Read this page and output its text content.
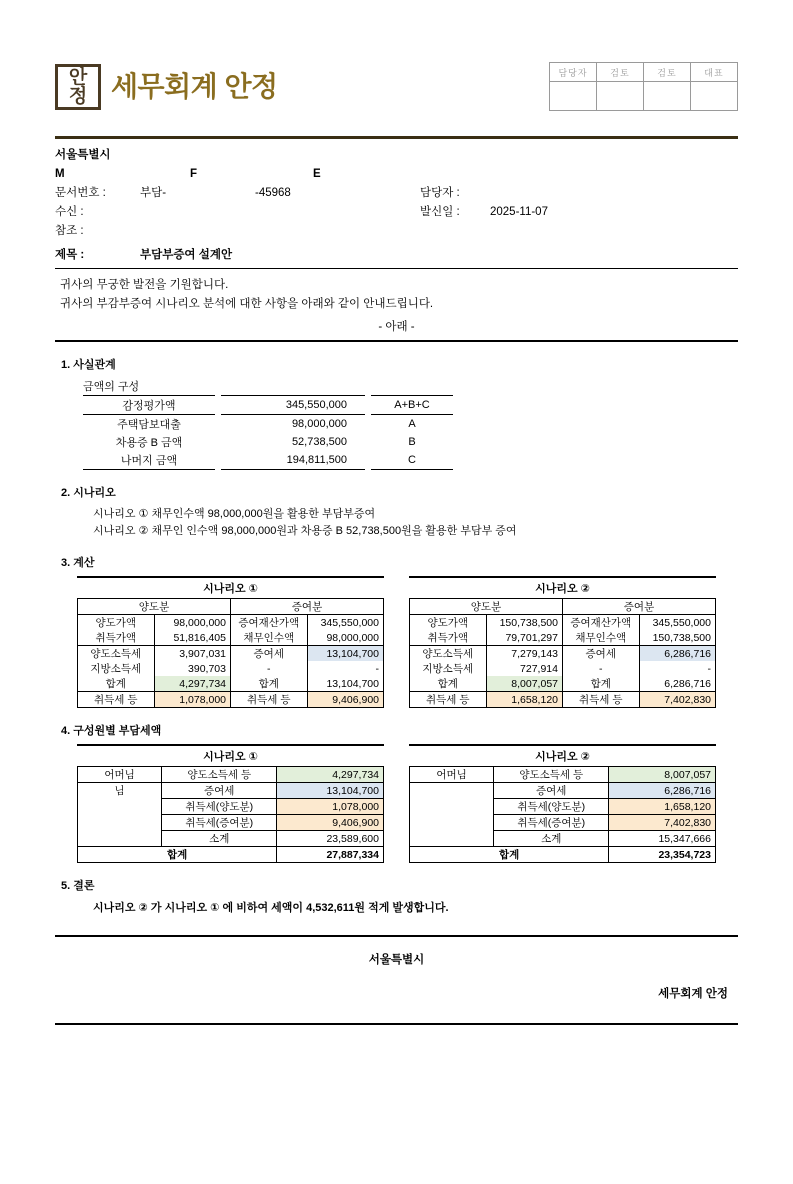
안
정 세무회계 안정	담당자	검토	검토	대표

서울특별시
M	F	E
문서번호 :	부담-	-45968	담당자 :
수신 :	발신일 :	2025-11-07
참조 :
제목 :	부담부증여 설계안
귀사의 무궁한 발전을 기원합니다.
귀사의 부감부증여 시나리오 분석에 대한 사항을 아래와 같이 안내드립니다.
- 아래 -
1. 사실관계
금액의 구성
감정평가액		345,550,000		A+B+C
주택담보대출		98,000,000		A
차용증 B 금액		52,738,500		B
나머지 금액		194,811,500		C
2. 시나리오
시나리오 ① 채무인수액 98,000,000원을 활용한 부담부증여
시나리오 ② 채무인 인수액 98,000,000원과 차용증 B 52,738,500원을 활용한 부담부 증여
3. 계산
시나리오 ①
양도분		증여분	
양도가액	98,000,000	증여재산가액	345,550,000
취득가액	51,816,405	채무인수액	98,000,000
양도소득세	3,907,031	증여세	13,104,700
지방소득세	390,703	-	-
합계	4,297,734	합계	13,104,700
취득세 등	1,078,000	취득세 등	9,406,900
시나리오 ②
양도분		증여분	
양도가액	150,738,500	증여재산가액	345,550,000
취득가액	79,701,297	채무인수액	150,738,500
양도소득세	7,279,143	증여세	6,286,716
지방소득세	727,914	-	-
합계	8,007,057	합계	6,286,716
취득세 등	1,658,120	취득세 등	7,402,830
4. 구성원별 부담세액
시나리오 ①
어머님	양도소득세 등	4,297,734
님	증여세	13,104,700
	취득세(양도분)	1,078,000
	취득세(증여분)	9,406,900
	소계	23,589,600
합계		27,887,334
시나리오 ②
어머님	양도소득세 등	8,007,057
	증여세	6,286,716
	취득세(양도분)	1,658,120
	취득세(증여분)	7,402,830
	소계	15,347,666
합계		23,354,723
5. 결론
시나리오 ② 가 시나리오 ① 에 비하여 세액이 4,532,611원 적게 발생합니다.
서울특별시
세무회계 안정
